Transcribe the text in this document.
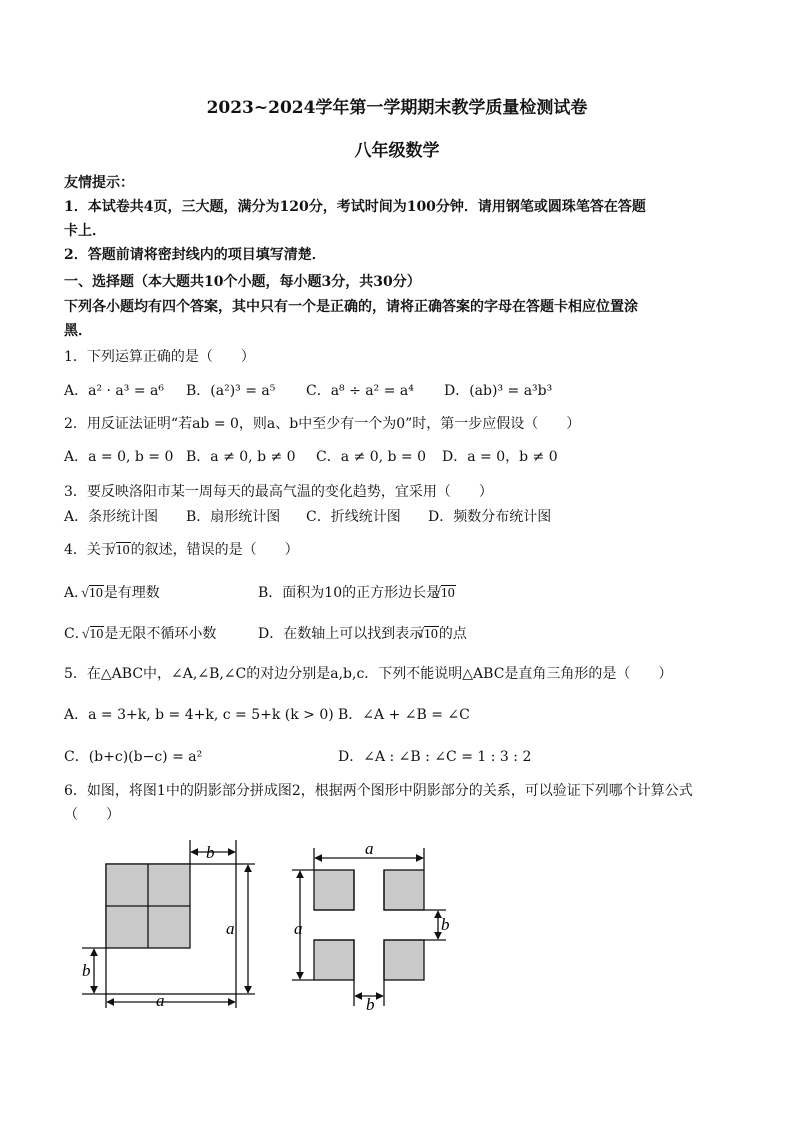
2023~2024学年第一学期期末教学质量检测试卷
八年级数学
友情提示：
1．本试卷共4页，三大题，满分为120分，考试时间为100分钟．请用钢笔或圆珠笔答在答题
卡上．
2．答题前请将密封线内的项目填写清楚．
一、选择题（本大题共10个小题，每小题3分，共30分）
下列各小题均有四个答案，其中只有一个是正确的，请将正确答案的字母在答题卡相应位置涂
黑．
1．下列运算正确的是（　　）
A．a² · a³ = a⁶ B．(a²)³ = a⁵ C．a⁸ ÷ a² = a⁴ D．(ab)³ = a³b³
2．用反证法证明“若ab = 0，则a、b中至少有一个为0”时，第一步应假设（　　）
A．a = 0, b = 0 B．a ≠ 0, b ≠ 0 C．a ≠ 0, b = 0 D．a = 0，b ≠ 0
3．要反映洛阳市某一周每天的最高气温的变化趋势，宜采用（　　）
A．条形统计图 B．扇形统计图 C．折线统计图 D．频数分布统计图
4．关于√ 10的叙述，错误的是（　　）
A．√ 10是有理数	B．面积为10的正方形边长是√ 10
C．√ 10是无限不循环小数	D．在数轴上可以找到表示√ 10的点
5．在△ABC中，∠A,∠B,∠C的对边分别是a,b,c．下列不能说明△ABC是直角三角形的是（　　）
A．a = 3+k, b = 4+k, c = 5+k (k > 0) B．∠A + ∠B = ∠C
C．(b+c)(b−c) = a²	D．∠A : ∠B : ∠C = 1 : 3 : 2
6．如图，将图1中的阴影部分拼成图2，根据两个图形中阴影部分的关系，可以验证下列哪个计算公式
（　　）
b
a
b
a
a
a	b
b
